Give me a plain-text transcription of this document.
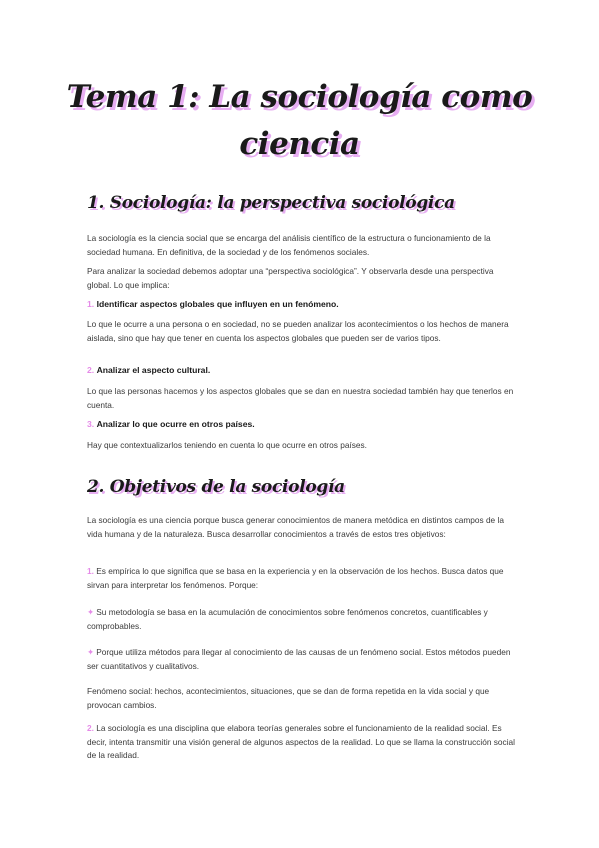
Tema 1: La sociología como
ciencia
1. Sociología: la perspectiva sociológica

La sociología es la ciencia social que se encarga del análisis científico de la estructura o funcionamiento de la sociedad humana. En definitiva, de la sociedad y de los fenómenos sociales.

Para analizar la sociedad debemos adoptar una “perspectiva sociológica”. Y observarla desde una perspectiva global. Lo que implica:

1. Identificar aspectos globales que influyen en un fenómeno.

Lo que le ocurre a una persona o en sociedad, no se pueden analizar los acontecimientos o los hechos de manera aislada, sino que hay que tener en cuenta los aspectos globales que pueden ser de varios tipos.

2. Analizar el aspecto cultural.

Lo que las personas hacemos y los aspectos globales que se dan en nuestra sociedad también hay que tenerlos en cuenta.

3. Analizar lo que ocurre en otros países.

Hay que contextualizarlos teniendo en cuenta lo que ocurre en otros países.

2. Objetivos de la sociología

La sociología es una ciencia porque busca generar conocimientos de manera metódica en distintos campos de la vida humana y de la naturaleza. Busca desarrollar conocimientos a través de estos tres objetivos:

1. Es empírica lo que significa que se basa en la experiencia y en la observación de los hechos. Busca datos que sirvan para interpretar los fenómenos. Porque:

✦ Su metodología se basa en la acumulación de conocimientos sobre fenómenos concretos, cuantificables y comprobables.

✦ Porque utiliza métodos para llegar al conocimiento de las causas de un fenómeno social. Estos métodos pueden ser cuantitativos y cualitativos.

Fenómeno social: hechos, acontecimientos, situaciones, que se dan de forma repetida en la vida social y que provocan cambios.

2. La sociología es una disciplina que elabora teorías generales sobre el funcionamiento de la realidad social. Es decir, intenta transmitir una visión general de algunos aspectos de la realidad. Lo que se llama la construcción social de la realidad.
